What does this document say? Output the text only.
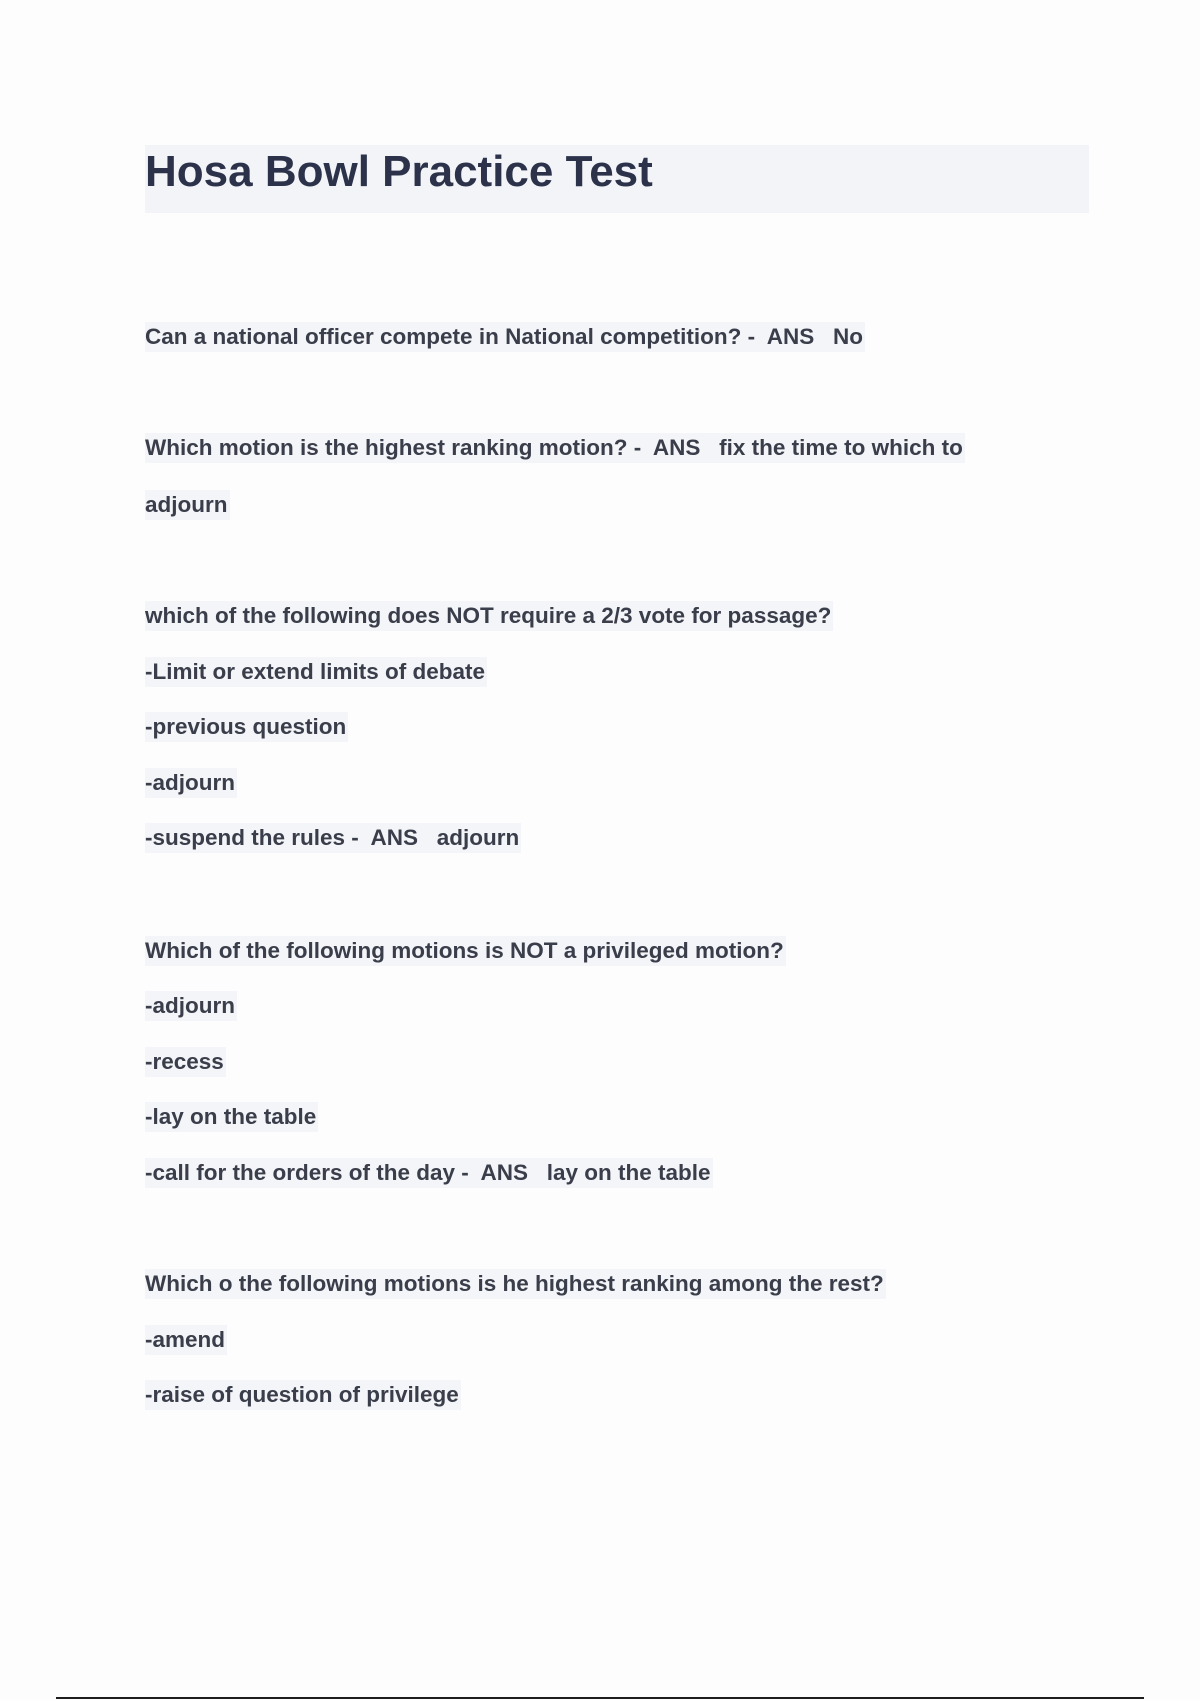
Hosa Bowl Practice Test
Can a national officer compete in National competition? -  ANS   No
Which motion is the highest ranking motion? -  ANS   fix the time to which to
adjourn
which of the following does NOT require a 2/3 vote for passage?
-Limit or extend limits of debate
-previous question
-adjourn
-suspend the rules -  ANS   adjourn
Which of the following motions is NOT a privileged motion?
-adjourn
-recess
-lay on the table
-call for the orders of the day -  ANS   lay on the table
Which o the following motions is he highest ranking among the rest?
-amend
-raise of question of privilege
